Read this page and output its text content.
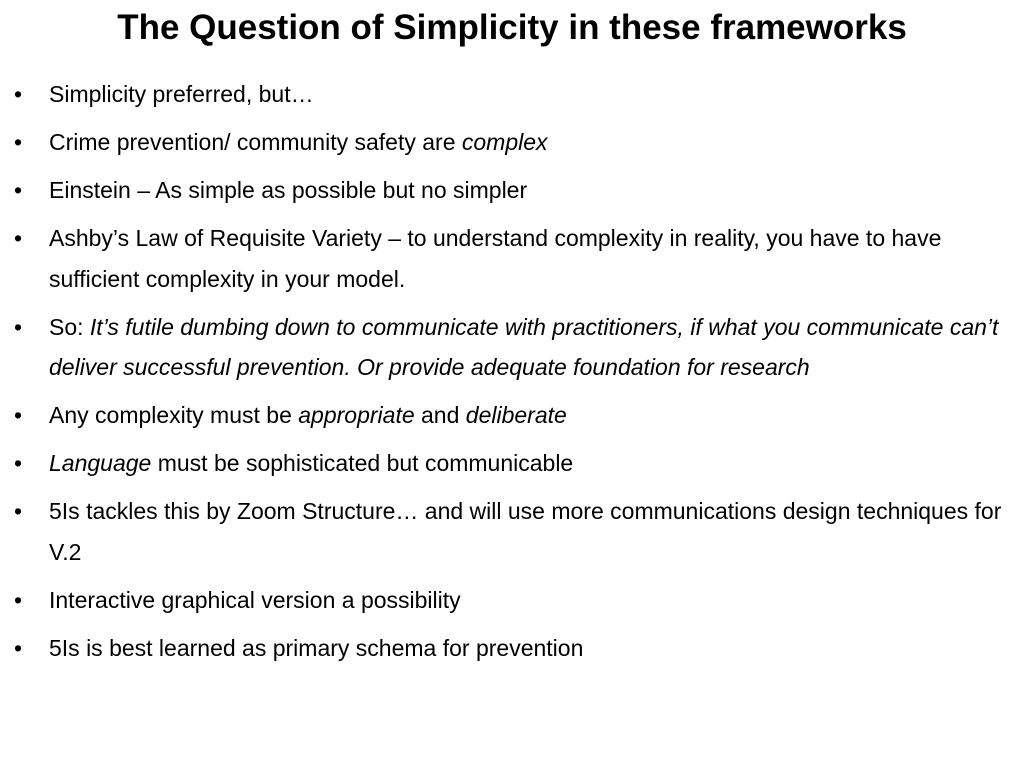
The Question of Simplicity in these frameworks
•	Simplicity preferred, but…
•	Crime prevention/ community safety are complex
•	Einstein – As simple as possible but no simpler
•	Ashby’s Law of Requisite Variety – to understand complexity in reality, you have to have sufficient complexity in your model.
•	So: It’s futile dumbing down to communicate with practitioners, if what you communicate can’t deliver successful prevention. Or provide adequate foundation for research
•	Any complexity must be appropriate and deliberate
•	Language must be sophisticated but communicable
•	5Is tackles this by Zoom Structure… and will use more communications design techniques for V.2
•	Interactive graphical version a possibility
•	5Is is best learned as primary schema for prevention
